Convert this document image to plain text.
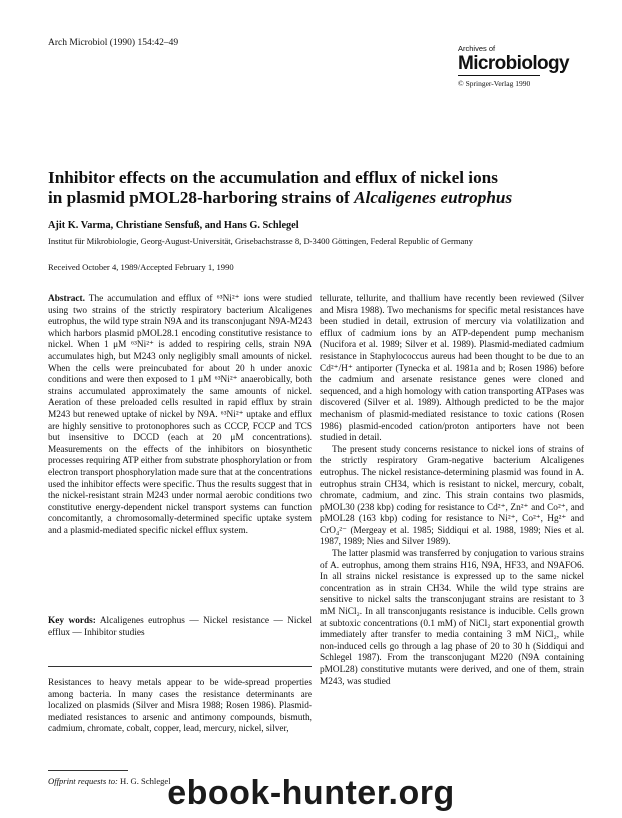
Arch Microbiol (1990) 154:42–49
Archives of
Microbiology
© Springer-Verlag 1990
Inhibitor effects on the accumulation and efflux of nickel ions
in plasmid pMOL28-harboring strains of Alcaligenes eutrophus
Ajit K. Varma, Christiane Sensfuß, and Hans G. Schlegel
Institut für Mikrobiologie, Georg-August-Universität, Grisebachstrasse 8, D-3400 Göttingen, Federal Republic of Germany
Received October 4, 1989/Accepted February 1, 1990

Abstract. The accumulation and efflux of ⁶³Ni²⁺ ions were studied using two strains of the strictly respiratory bacterium Alcaligenes eutrophus, the wild type strain N9A and its transconjugant N9A-M243 which harbors plasmid pMOL28.1 encoding constitutive resistance to nickel. When 1 μM ⁶³Ni²⁺ is added to respiring cells, strain N9A accumulates high, but M243 only negligibly small amounts of nickel. When the cells were preincubated for about 20 h under anoxic conditions and were then exposed to 1 μM ⁶³Ni²⁺ anaerobically, both strains accumulated approximately the same amounts of nickel. Aeration of these preloaded cells resulted in rapid efflux by strain M243 but renewed uptake of nickel by N9A. ⁶³Ni²⁺ uptake and efflux are highly sensitive to protonophores such as CCCP, FCCP and TCS but insensitive to DCCD (each at 20 μM concentrations). Measurements on the effects of the inhibitors on biosynthetic processes requiring ATP either from substrate phosphorylation or from electron transport phosphorylation made sure that at the concentrations used the inhibitor effects were specific. Thus the results suggest that in the nickel-resistant strain M243 under normal aerobic conditions two constitutive energy-dependent nickel transport systems can function concomitantly, a chromosomally-determined specific uptake system and a plasmid-mediated specific nickel efflux system.

Key words: Alcaligenes eutrophus — Nickel resistance — Nickel efflux — Inhibitor studies

Resistances to heavy metals appear to be wide-spread properties among bacteria. In many cases the resistance determinants are localized on plasmids (Silver and Misra 1988; Rosen 1986). Plasmid-mediated resistances to arsenic and antimony compounds, bismuth, cadmium, chromate, cobalt, copper, lead, mercury, nickel, silver,

tellurate, tellurite, and thallium have recently been reviewed (Silver and Misra 1988). Two mechanisms for specific metal resistances have been studied in detail, extrusion of mercury via volatilization and efflux of cadmium ions by an ATP-dependent pump mechanism (Nucifora et al. 1989; Silver et al. 1989). Plasmid-mediated cadmium resistance in Staphylococcus aureus had been thought to be due to an Cd²⁺/H⁺ antiporter (Tynecka et al. 1981a and b; Rosen 1986) before the cadmium and arsenate resistance genes were cloned and sequenced, and a high homology with cation transporting ATPases was discovered (Silver et al. 1989). Although predicted to be the major mechanism of plasmid-mediated resistance to toxic cations (Rosen 1986) plasmid-encoded cation/proton antiporters have not been studied in detail.

The present study concerns resistance to nickel ions of strains of the strictly respiratory Gram-negative bacterium Alcaligenes eutrophus. The nickel resistance-determining plasmid was found in A. eutrophus strain CH34, which is resistant to nickel, mercury, cobalt, chromate, cadmium, and zinc. This strain contains two plasmids, pMOL30 (238 kbp) coding for resistance to Cd²⁺, Zn²⁺ and Co²⁺, and pMOL28 (163 kbp) coding for resistance to Ni²⁺, Co²⁺, Hg²⁺ and CrO₄²⁻ (Mergeay et al. 1985; Siddiqui et al. 1988, 1989; Nies et al. 1987, 1989; Nies and Silver 1989).

The latter plasmid was transferred by conjugation to various strains of A. eutrophus, among them strains H16, N9A, HF33, and N9AFO6. In all strains nickel resistance is expressed up to the same nickel concentration as in strain CH34. While the wild type strains are sensitive to nickel salts the transconjugant strains are resistant to 3 mM NiCl₂. In all transconjugants resistance is inducible. Cells grown at subtoxic concentrations (0.1 mM) of NiCl₂ start exponential growth immediately after transfer to media containing 3 mM NiCl₂, while non-induced cells go through a lag phase of 20 to 30 h (Siddiqui and Schlegel 1987). From the transconjugant M220 (N9A containing pMOL28) constitutive mutants were derived, and one of them, strain M243, was studied

Offprint requests to: H. G. Schlegel
ebook-hunter.org
